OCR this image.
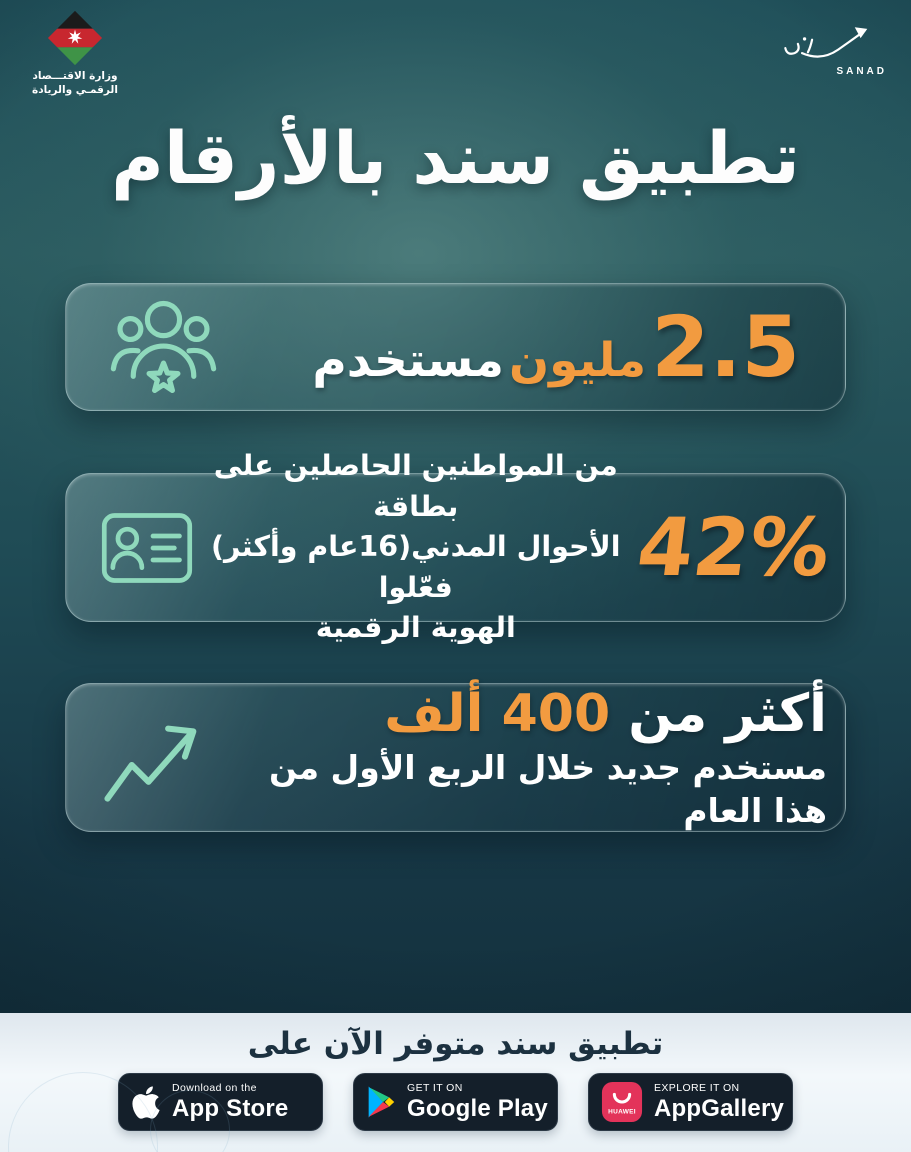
وزارة الاقتـــصاد
الرقمـي والريادة
SANAD
تطبيق سند بالأرقام
2.5 مليون مستخدم
42%
من المواطنين الحاصلين على بطاقة
الأحوال المدني(16عام وأكثر) فعّلوا
الهوية الرقمية
أكثر من 400 ألف
مستخدم جديد خلال الربع الأول من هذا العام
تطبيق سند متوفر الآن على
Download on the
App Store
GET IT ON
Google Play	HUAWEI
EXPLORE IT ON
AppGallery
